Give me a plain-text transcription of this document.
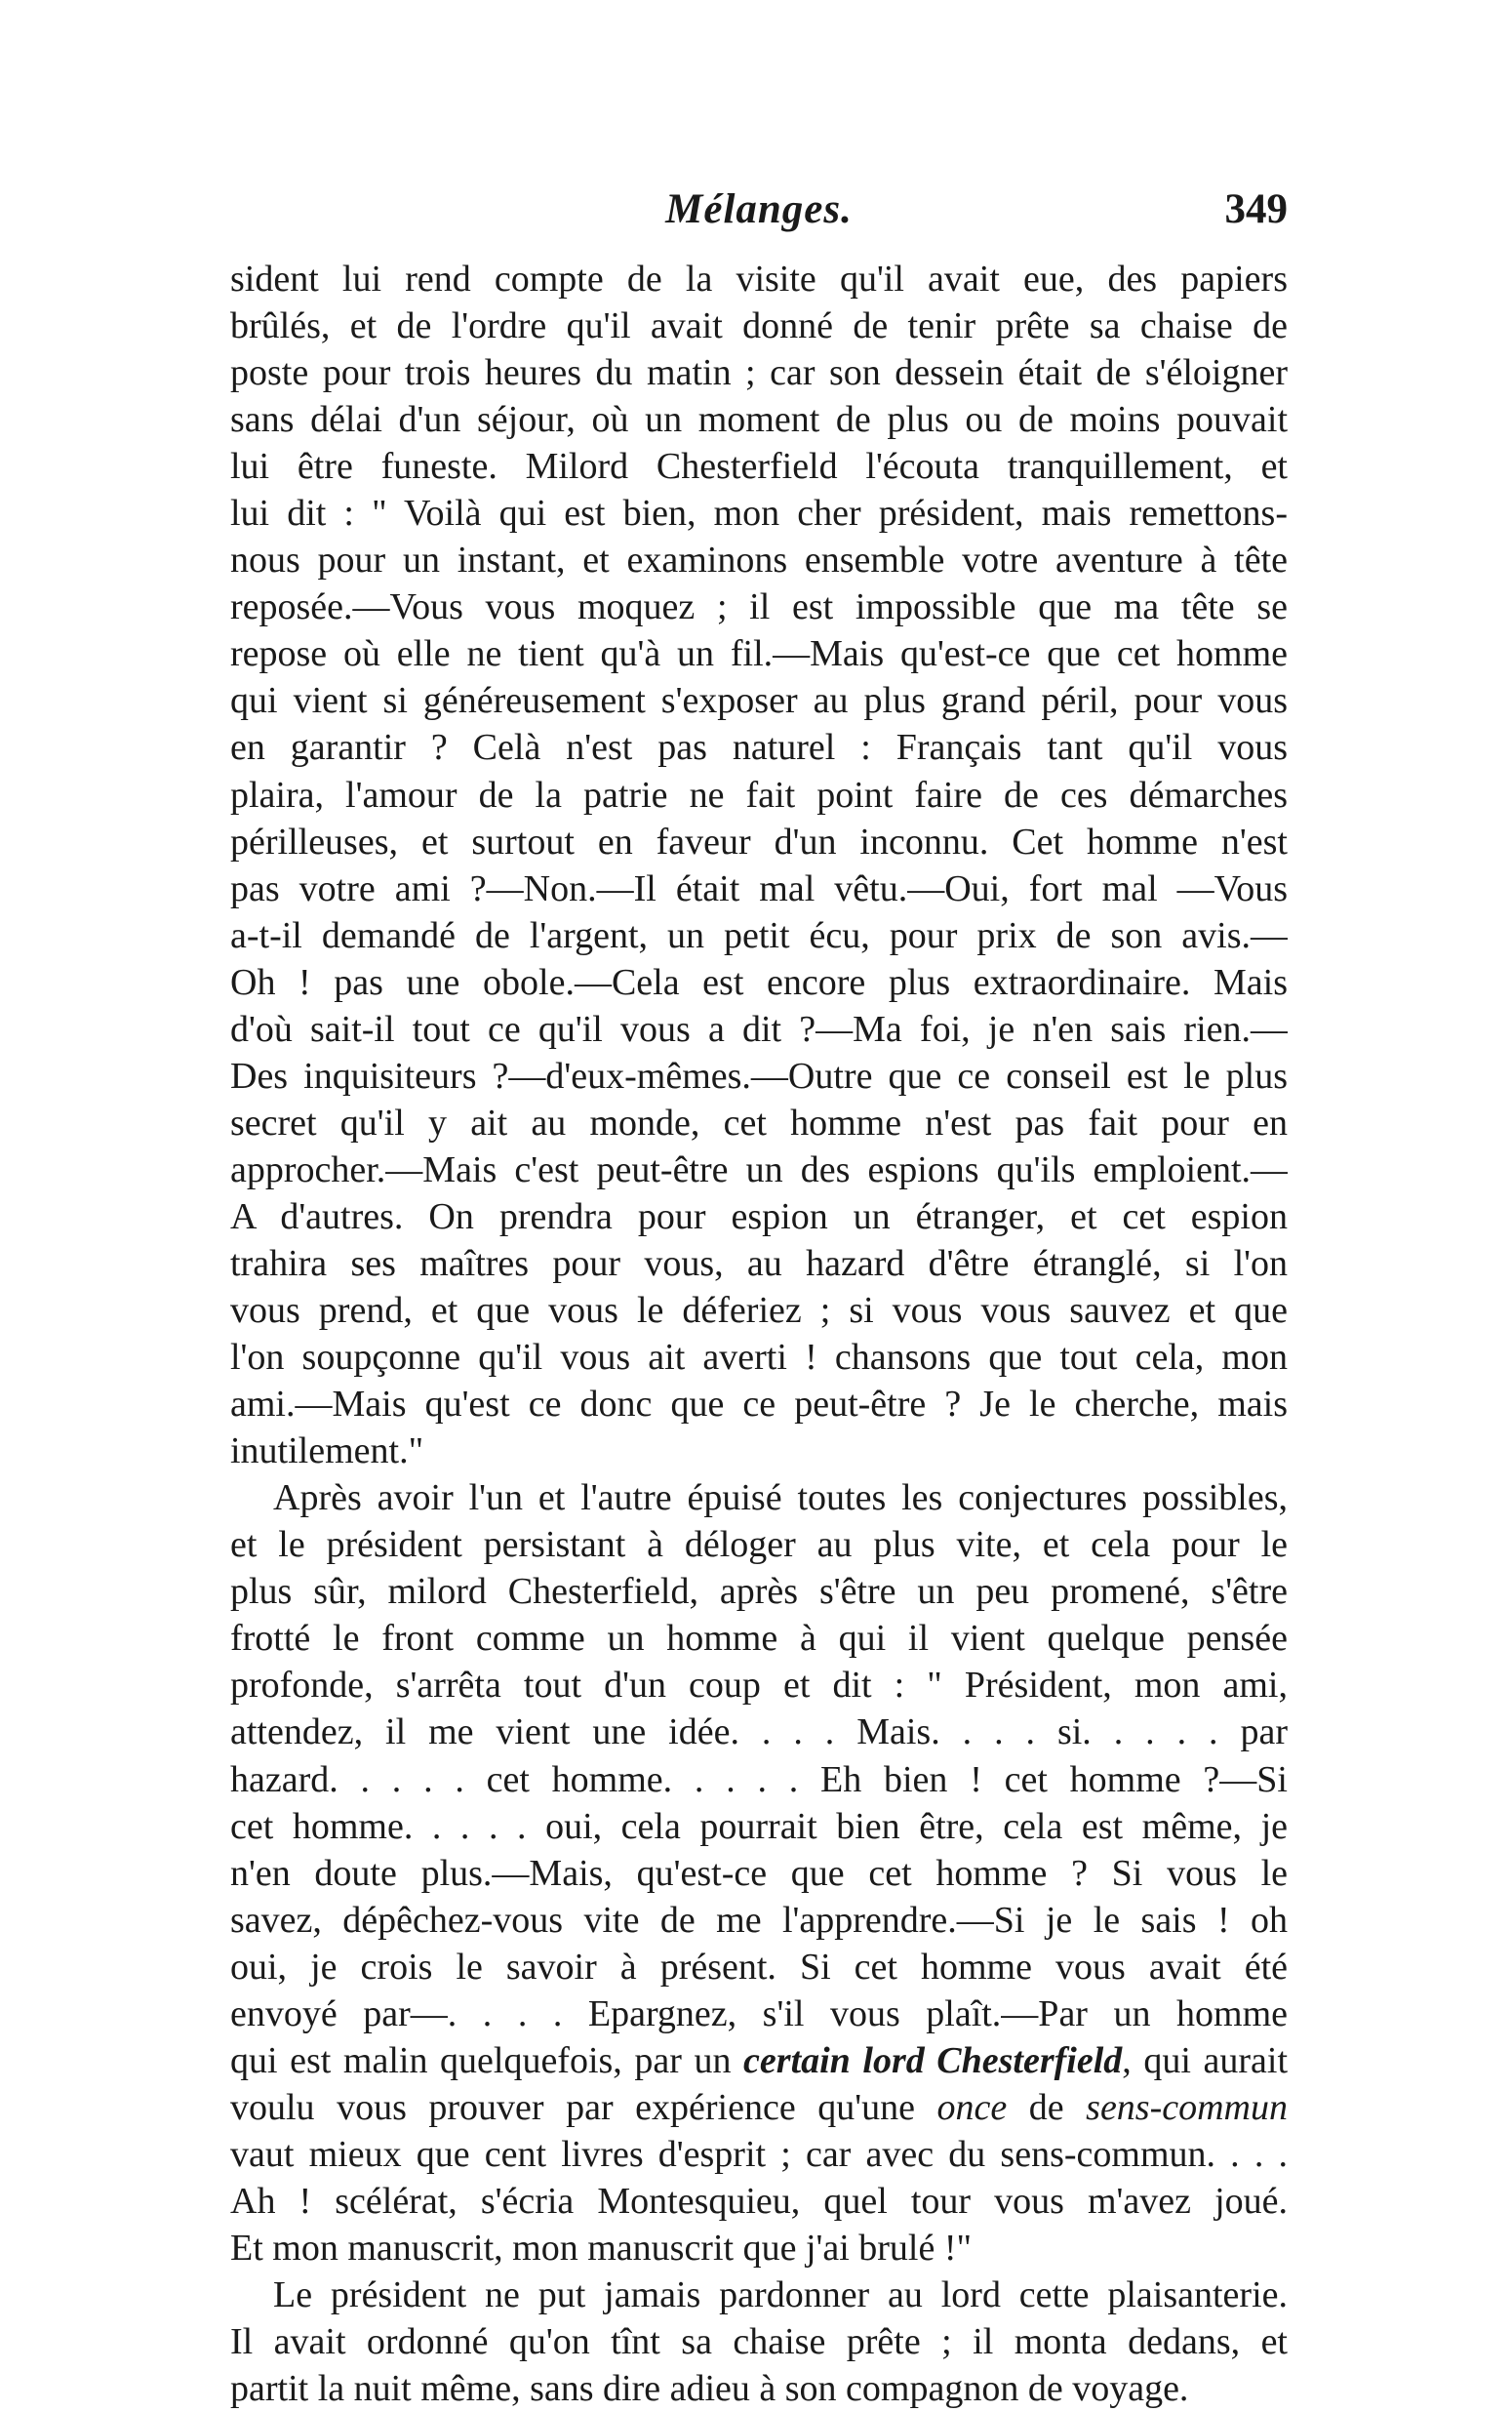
Mélanges.	349
sident lui rend compte de la visite qu'il avait eue, des papiers
brûlés, et de l'ordre qu'il avait donné de tenir prête sa chaise de
poste pour trois heures du matin ; car son dessein était de s'éloigner
sans délai d'un séjour, où un moment de plus ou de moins pouvait
lui être funeste. Milord Chesterfield l'écouta tranquillement, et
lui dit : " Voilà qui est bien, mon cher président, mais remettons-
nous pour un instant, et examinons ensemble votre aventure à tête
reposée.—Vous vous moquez ; il est impossible que ma tête se
repose où elle ne tient qu'à un fil.—Mais qu'est-ce que cet homme
qui vient si généreusement s'exposer au plus grand péril, pour vous
en garantir ? Celà n'est pas naturel : Français tant qu'il vous
plaira, l'amour de la patrie ne fait point faire de ces démarches
périlleuses, et surtout en faveur d'un inconnu. Cet homme n'est
pas votre ami ?—Non.—Il était mal vêtu.—Oui, fort mal —Vous
a-t-il demandé de l'argent, un petit écu, pour prix de son avis.—
Oh ! pas une obole.—Cela est encore plus extraordinaire. Mais
d'où sait-il tout ce qu'il vous a dit ?—Ma foi, je n'en sais rien.—
Des inquisiteurs ?—d'eux-mêmes.—Outre que ce conseil est le plus
secret qu'il y ait au monde, cet homme n'est pas fait pour en
approcher.—Mais c'est peut-être un des espions qu'ils emploient.—
A d'autres. On prendra pour espion un étranger, et cet espion
trahira ses maîtres pour vous, au hazard d'être étranglé, si l'on
vous prend, et que vous le déferiez ; si vous vous sauvez et que
l'on soupçonne qu'il vous ait averti ! chansons que tout cela, mon
ami.—Mais qu'est ce donc que ce peut-être ? Je le cherche, mais
inutilement."
Après avoir l'un et l'autre épuisé toutes les conjectures possibles,
et le président persistant à déloger au plus vite, et cela pour le
plus sûr, milord Chesterfield, après s'être un peu promené, s'être
frotté le front comme un homme à qui il vient quelque pensée
profonde, s'arrêta tout d'un coup et dit : " Président, mon ami,
attendez, il me vient une idée. . . . Mais. . . . si. . . . . par
hazard. . . . . cet homme. . . . . Eh bien ! cet homme ?—Si
cet homme. . . . . oui, cela pourrait bien être, cela est même, je
n'en doute plus.—Mais, qu'est-ce que cet homme ? Si vous le
savez, dépêchez-vous vite de me l'apprendre.—Si je le sais ! oh
oui, je crois le savoir à présent. Si cet homme vous avait été
envoyé par—. . . . Epargnez, s'il vous plaît.—Par un homme
qui est malin quelquefois, par un certain lord Chesterfield, qui aurait
voulu vous prouver par expérience qu'une once de sens-commun
vaut mieux que cent livres d'esprit ; car avec du sens-commun. . . .
Ah ! scélérat, s'écria Montesquieu, quel tour vous m'avez joué.
Et mon manuscrit, mon manuscrit que j'ai brulé !"
Le président ne put jamais pardonner au lord cette plaisanterie.
Il avait ordonné qu'on tînt sa chaise prête ; il monta dedans, et
partit la nuit même, sans dire adieu à son compagnon de voyage.
